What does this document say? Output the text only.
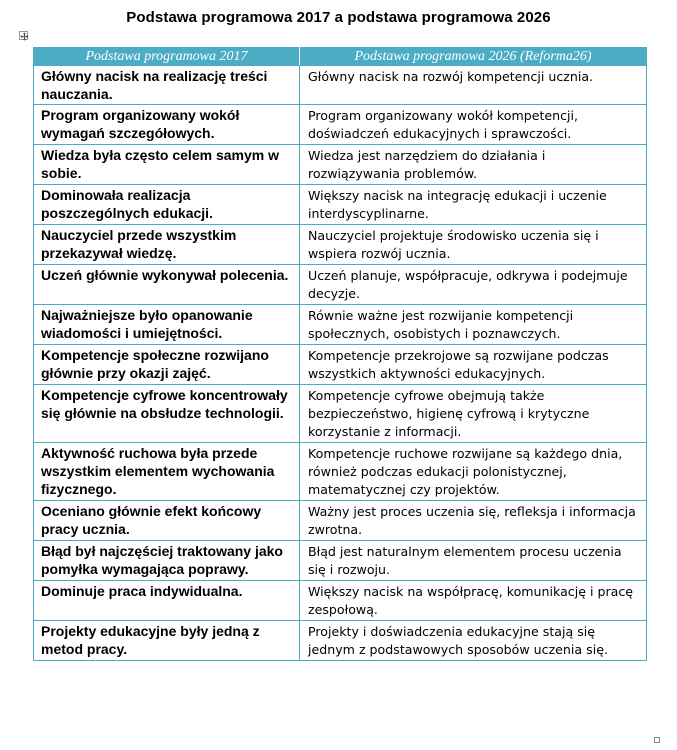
Podstawa programowa 2017 a podstawa programowa 2026
Podstawa programowa 2017	Podstawa programowa 2026 (Reforma26)
Główny nacisk na realizację treści nauczania.	Główny nacisk na rozwój kompetencji ucznia.
Program organizowany wokół wymagań szczegółowych.	Program organizowany wokół kompetencji, doświadczeń edukacyjnych i sprawczości.
Wiedza była często celem samym w sobie.	Wiedza jest narzędziem do działania i rozwiązywania problemów.
Dominowała realizacja poszczególnych edukacji.	Większy nacisk na integrację edukacji i uczenie interdyscyplinarne.
Nauczyciel przede wszystkim przekazywał wiedzę.	Nauczyciel projektuje środowisko uczenia się i wspiera rozwój ucznia.
Uczeń głównie wykonywał polecenia.	Uczeń planuje, współpracuje, odkrywa i podejmuje decyzje.
Najważniejsze było opanowanie wiadomości i umiejętności.	Równie ważne jest rozwijanie kompetencji społecznych, osobistych i poznawczych.
Kompetencje społeczne rozwijano głównie przy okazji zajęć.	Kompetencje przekrojowe są rozwijane podczas wszystkich aktywności edukacyjnych.
Kompetencje cyfrowe koncentrowały się głównie na obsłudze technologii.	Kompetencje cyfrowe obejmują także bezpieczeństwo, higienę cyfrową i krytyczne korzystanie z informacji.
Aktywność ruchowa była przede wszystkim elementem wychowania fizycznego.	Kompetencje ruchowe rozwijane są każdego dnia, również podczas edukacji polonistycznej, matematycznej czy projektów.
Oceniano głównie efekt końcowy pracy ucznia.	Ważny jest proces uczenia się, refleksja i informacja zwrotna.
Błąd był najczęściej traktowany jako pomyłka wymagająca poprawy.	Błąd jest naturalnym elementem procesu uczenia się i rozwoju.
Dominuje praca indywidualna.	Większy nacisk na współpracę, komunikację i pracę zespołową.
Projekty edukacyjne były jedną z metod pracy.	Projekty i doświadczenia edukacyjne stają się jednym z podstawowych sposobów uczenia się.
